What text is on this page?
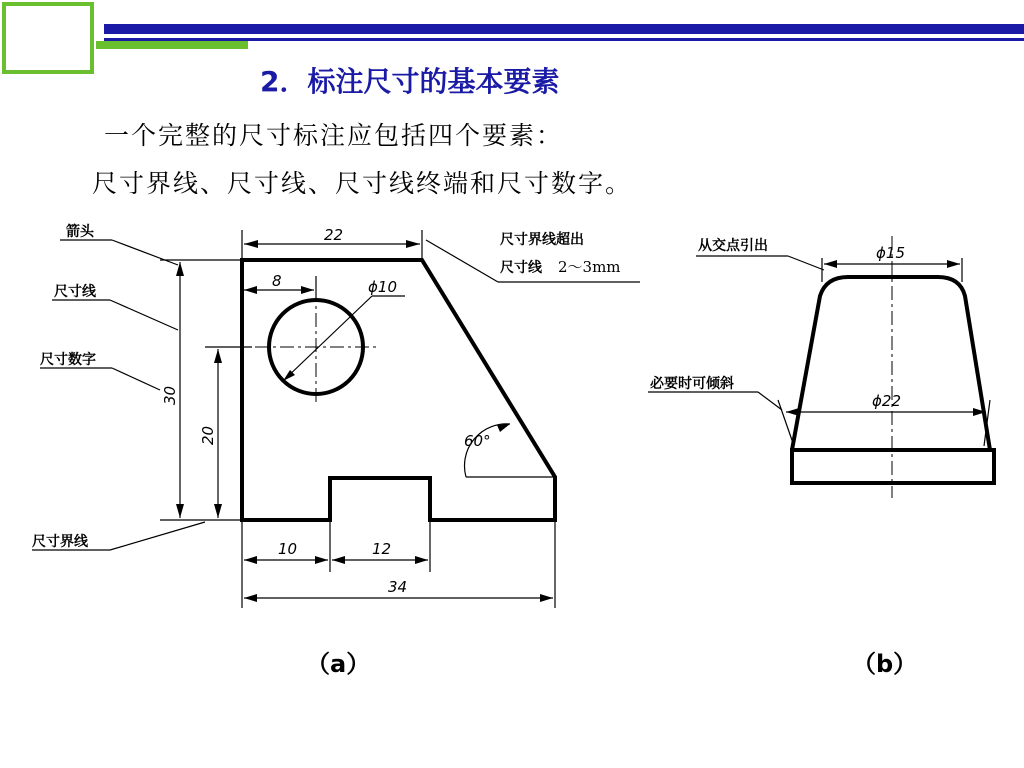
2．标注尺寸的基本要素
一个完整的尺寸标注应包括四个要素：
尺寸界线、尺寸线、尺寸线终端和尺寸数字。
箭头
尺寸线
尺寸数字
尺寸界线
尺寸界线超出
尺寸线 2～3mm
22
8	ϕ10
30
20	60°
10	12
34
从交点引出
必要时可倾斜
ϕ15
ϕ22
（a）	（b）
